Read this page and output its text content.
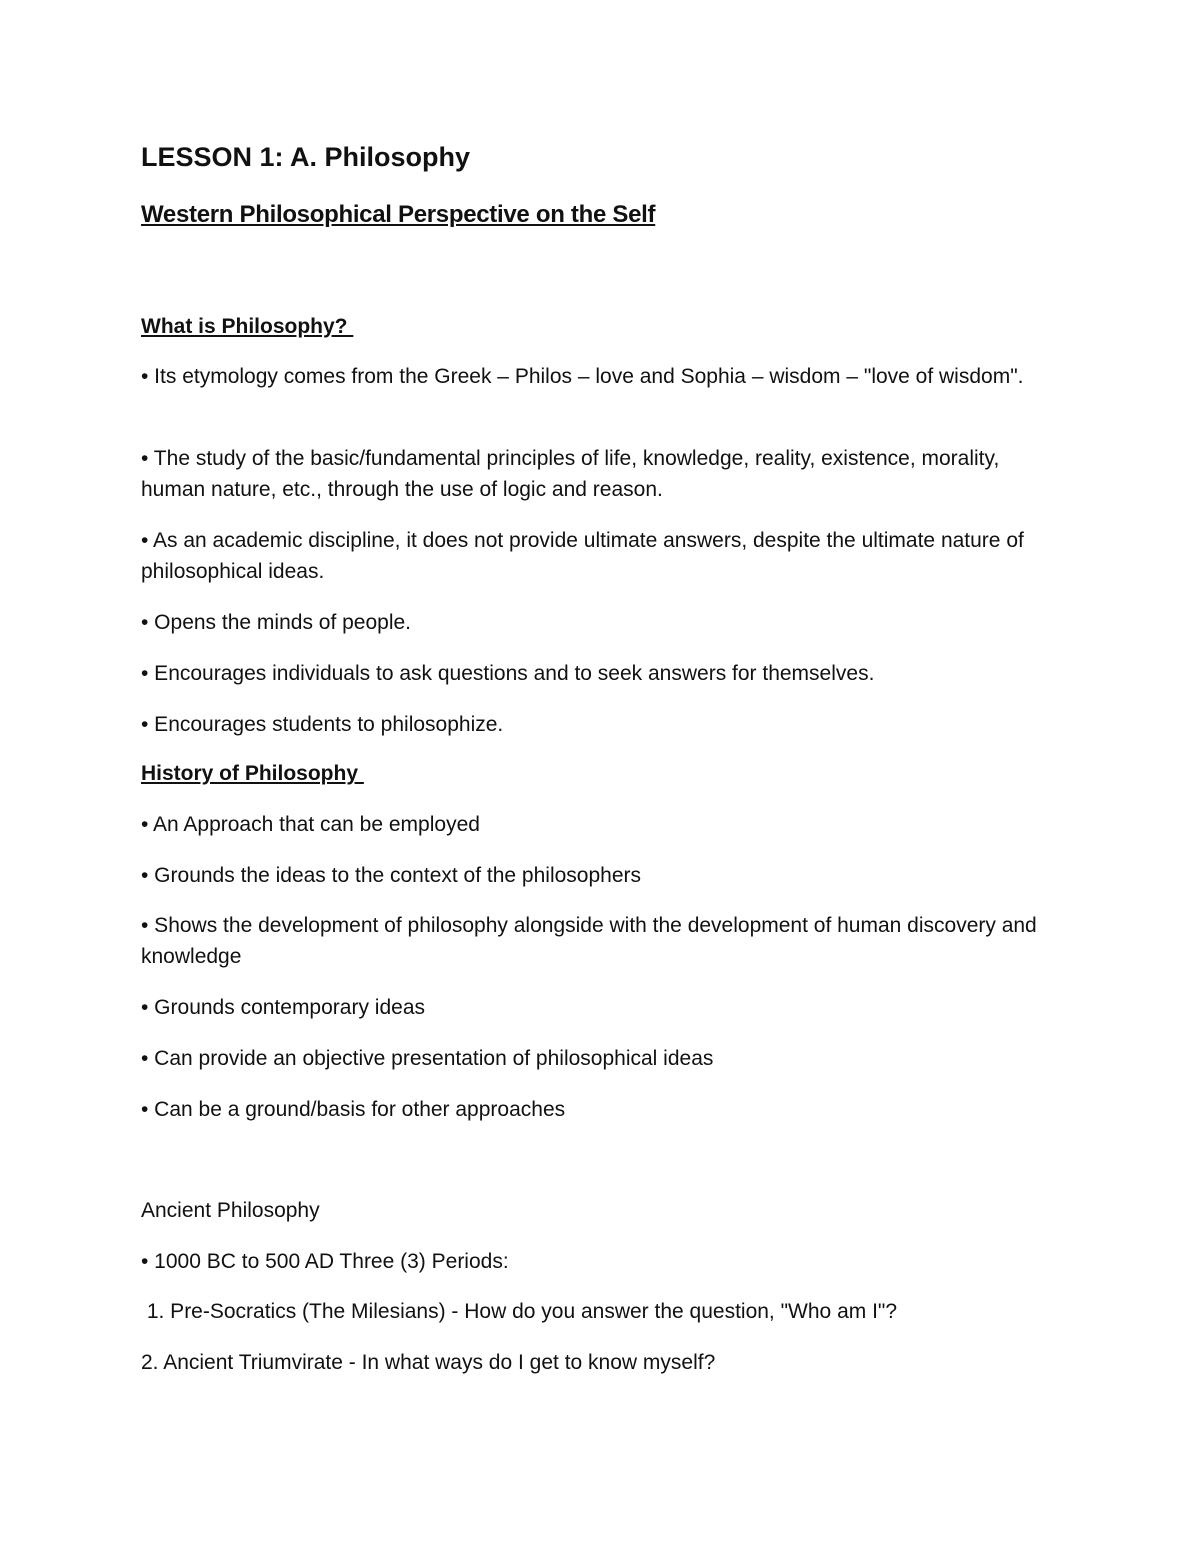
LESSON 1: A. Philosophy
Western Philosophical Perspective on the Self
What is Philosophy?

• Its etymology comes from the Greek – Philos – love and Sophia – wisdom – "love of wisdom".

• The study of the basic/fundamental principles of life, knowledge, reality, existence, morality, human nature, etc., through the use of logic and reason.

• As an academic discipline, it does not provide ultimate answers, despite the ultimate nature of philosophical ideas.

• Opens the minds of people.

• Encourages individuals to ask questions and to seek answers for themselves.

• Encourages students to philosophize.

History of Philosophy

• An Approach that can be employed

• Grounds the ideas to the context of the philosophers

• Shows the development of philosophy alongside with the development of human discovery and knowledge

• Grounds contemporary ideas

• Can provide an objective presentation of philosophical ideas

• Can be a ground/basis for other approaches

Ancient Philosophy

• 1000 BC to 500 AD Three (3) Periods:

1. Pre-Socratics (The Milesians) - How do you answer the question, "Who am I"?

2. Ancient Triumvirate - In what ways do I get to know myself?
